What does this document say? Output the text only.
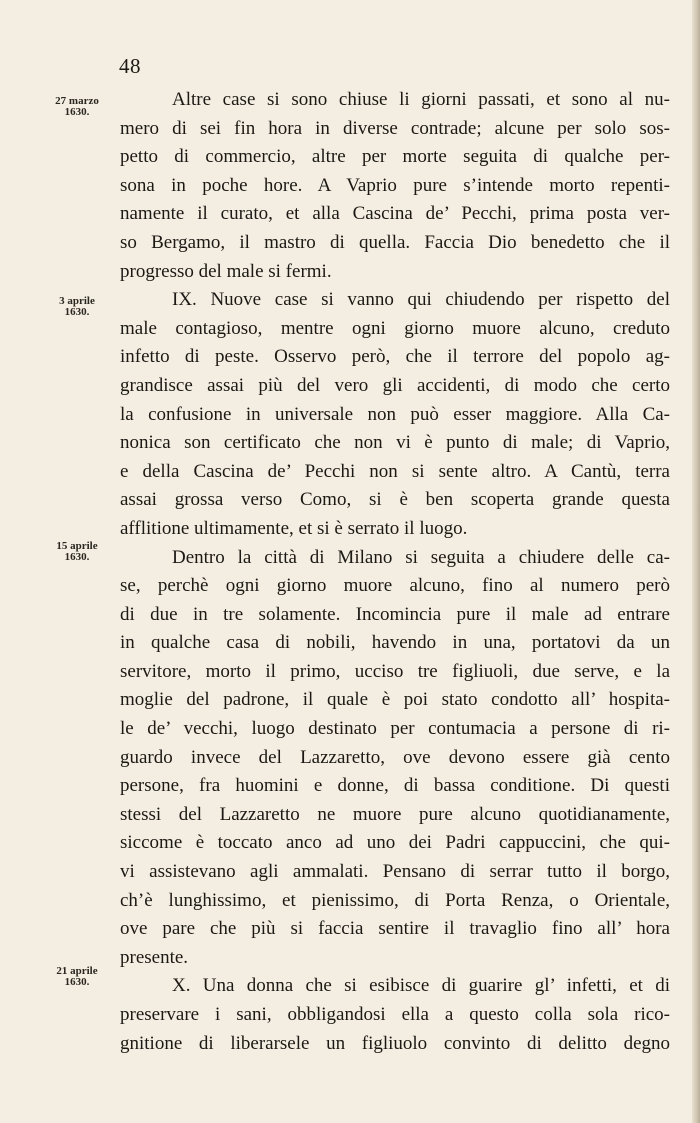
48
27 marzo
1630.
3 aprile
1630.
15 aprile
1630.
21 aprile
1630.
Altre case si sono chiuse li giorni passati, et sono al nu-
mero di sei fin hora in diverse contrade; alcune per solo sos-
petto di commercio, altre per morte seguita di qualche per-
sona in poche hore. A Vaprio pure s’intende morto repenti-
namente il curato, et alla Cascina de’ Pecchi, prima posta ver-
so Bergamo, il mastro di quella. Faccia Dio benedetto che il
progresso del male si fermi.
IX. Nuove case si vanno qui chiudendo per rispetto del
male contagioso, mentre ogni giorno muore alcuno, creduto
infetto di peste. Osservo però, che il terrore del popolo ag-
grandisce assai più del vero gli accidenti, di modo che certo
la confusione in universale non può esser maggiore. Alla Ca-
nonica son certificato che non vi è punto di male; di Vaprio,
e della Cascina de’ Pecchi non si sente altro. A Cantù, terra
assai grossa verso Como, si è ben scoperta grande questa
afflitione ultimamente, et si è serrato il luogo.
Dentro la città di Milano si seguita a chiudere delle ca-
se, perchè ogni giorno muore alcuno, fino al numero però
di due in tre solamente. Incomincia pure il male ad entrare
in qualche casa di nobili, havendo in una, portatovi da un
servitore, morto il primo, ucciso tre figliuoli, due serve, e la
moglie del padrone, il quale è poi stato condotto all’ hospita-
le de’ vecchi, luogo destinato per contumacia a persone di ri-
guardo invece del Lazzaretto, ove devono essere già cento
persone, fra huomini e donne, di bassa conditione. Di questi
stessi del Lazzaretto ne muore pure alcuno quotidianamente,
siccome è toccato anco ad uno dei Padri cappuccini, che qui-
vi assistevano agli ammalati. Pensano di serrar tutto il borgo,
ch’è lunghissimo, et pienissimo, di Porta Renza, o Orientale,
ove pare che più si faccia sentire il travaglio fino all’ hora
presente.
X. Una donna che si esibisce di guarire gl’ infetti, et di
preservare i sani, obbligandosi ella a questo colla sola rico-
gnitione di liberarsele un figliuolo convinto di delitto degno
